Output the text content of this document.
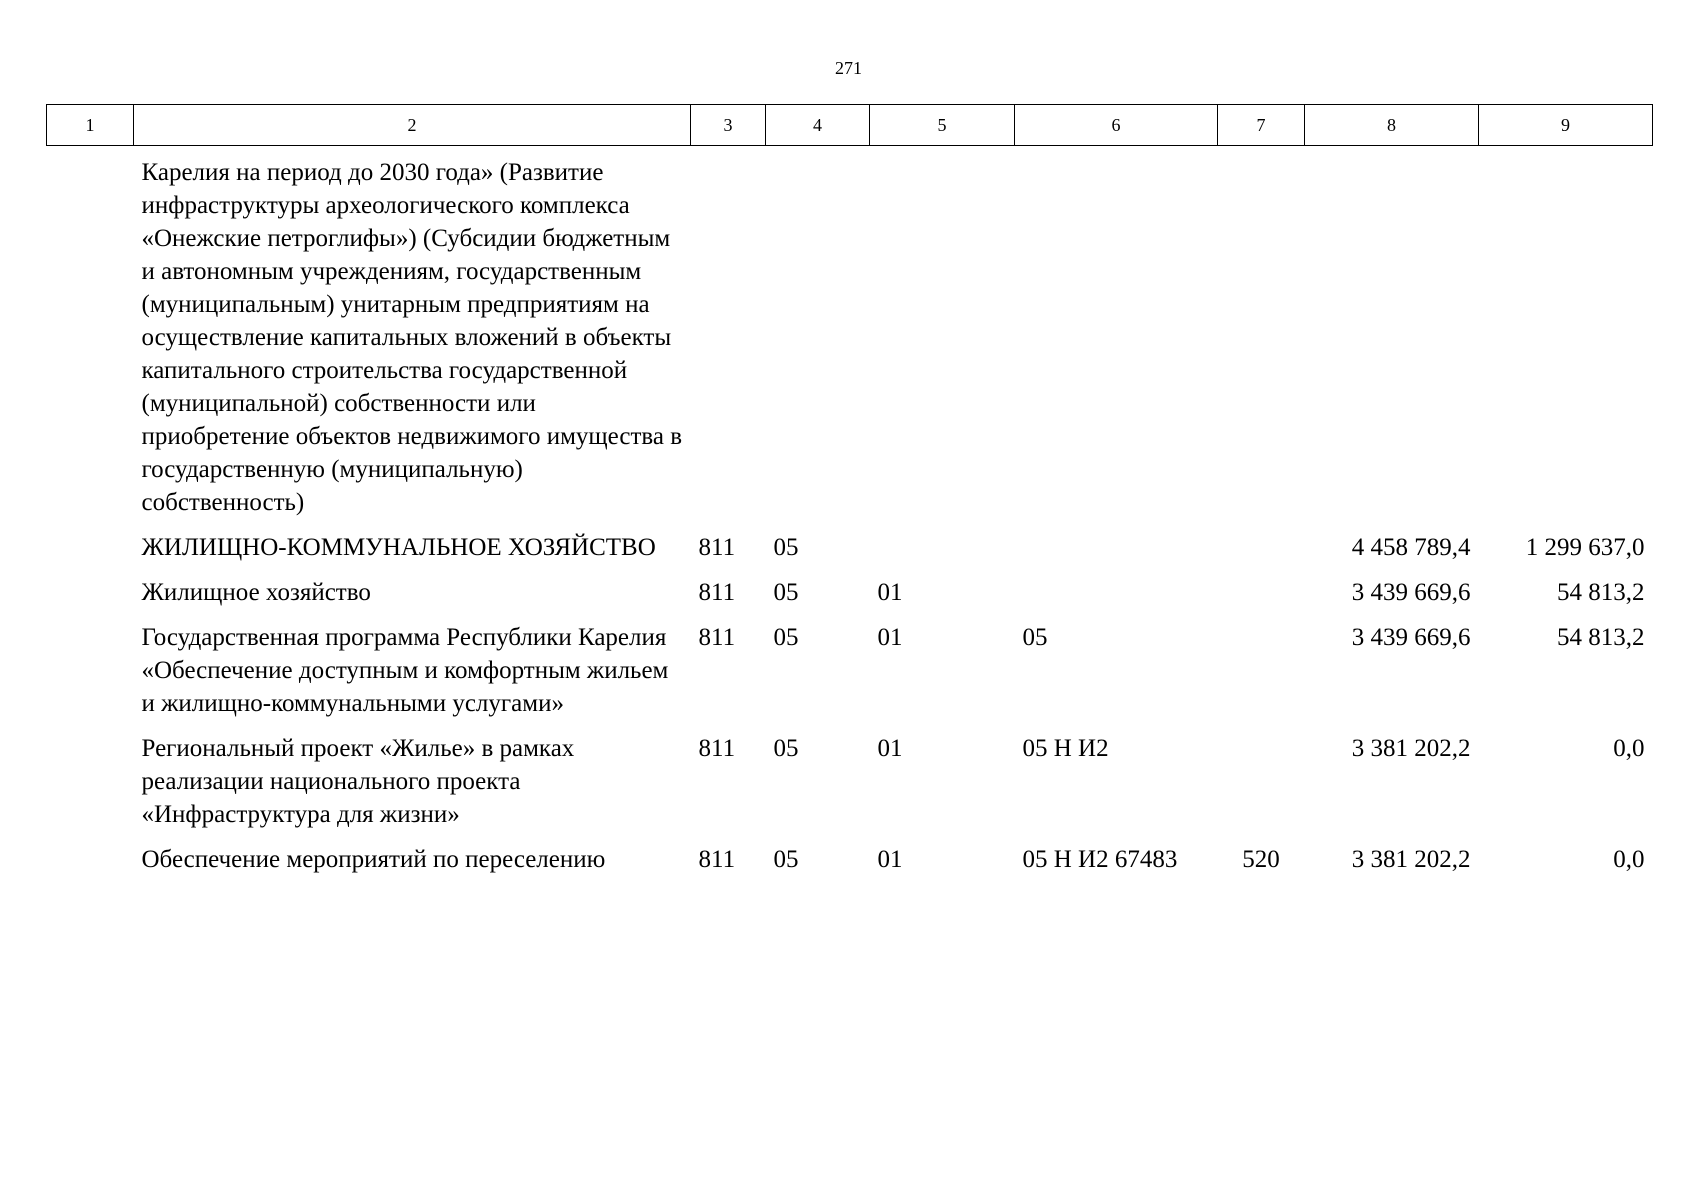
271
1	2	3	4	5	6	7	8	9
	Карелия на период до 2030 года» (Развитие инфраструктуры археологического комплекса «Онежские петроглифы») (Субсидии бюджетным и автономным учреждениям, государственным (муниципальным) унитарным предприятиям на осуществление капитальных вложений в объекты капитального строительства государственной (муниципальной) собственности или приобретение объектов недвижимого имущества в государственную (муниципальную) собственность)							
	ЖИЛИЩНО-КОММУНАЛЬНОЕ ХОЗЯЙСТВО	811	05				4 458 789,4	1 299 637,0
	Жилищное хозяйство	811	05	01			3 439 669,6	54 813,2
	Государственная программа Республики Карелия «Обеспечение доступным и комфортным жильем и жилищно-коммунальными услугами»	811	05	01	05		3 439 669,6	54 813,2
	Региональный проект «Жилье» в рамках реализации национального проекта «Инфраструктура для жизни»	811	05	01	05 Н И2		3 381 202,2	0,0
	Обеспечение мероприятий по переселению	811	05	01	05 Н И2 67483	520	3 381 202,2	0,0
